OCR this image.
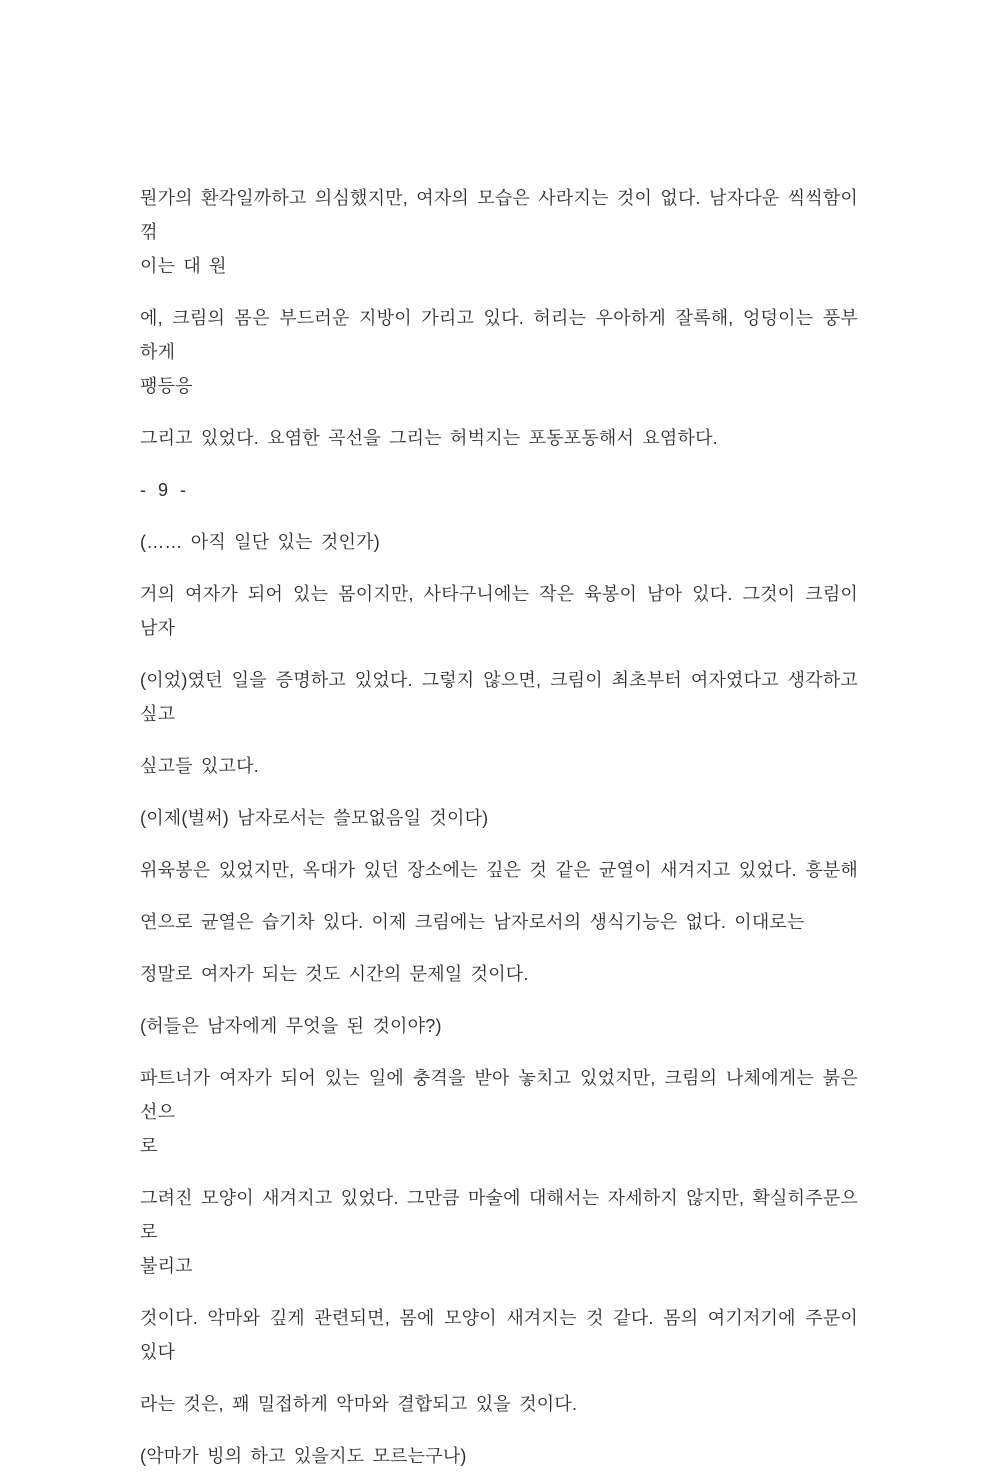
뭔가의 환각일까하고 의심했지만, 여자의 모습은 사라지는 것이 없다. 남자다운 씩씩함이 꺾
이는 대 원

에, 크림의 몸은 부드러운 지방이 가리고 있다. 허리는 우아하게 잘록해, 엉덩이는 풍부하게
팽등응

그리고 있었다. 요염한 곡선을 그리는 허벅지는 포동포동해서 요염하다.

- 9 -

(…… 아직 일단 있는 것인가)

거의 여자가 되어 있는 몸이지만, 사타구니에는 작은 육봉이 남아 있다. 그것이 크림이 남자

(이었)였던 일을 증명하고 있었다. 그렇지 않으면, 크림이 최초부터 여자였다고 생각하고 싶고

싶고들 있고다.

(이제(벌써) 남자로서는 쓸모없음일 것이다)

위육봉은 있었지만, 옥대가 있던 장소에는 깊은 것 같은 균열이 새겨지고 있었다. 흥분해

연으로 균열은 습기차 있다. 이제 크림에는 남자로서의 생식기능은 없다. 이대로는

정말로 여자가 되는 것도 시간의 문제일 것이다.

(허들은 남자에게 무엇을 된 것이야?)

파트너가 여자가 되어 있는 일에 충격을 받아 놓치고 있었지만, 크림의 나체에게는 붉은 선으
로

그려진 모양이 새겨지고 있었다. 그만큼 마술에 대해서는 자세하지 않지만, 확실히주문으로
불리고

것이다. 악마와 깊게 관련되면, 몸에 모양이 새겨지는 것 같다. 몸의 여기저기에 주문이 있다

라는 것은, 꽤 밀접하게 악마와 결합되고 있을 것이다.

(악마가 빙의 하고 있을지도 모르는구나)
